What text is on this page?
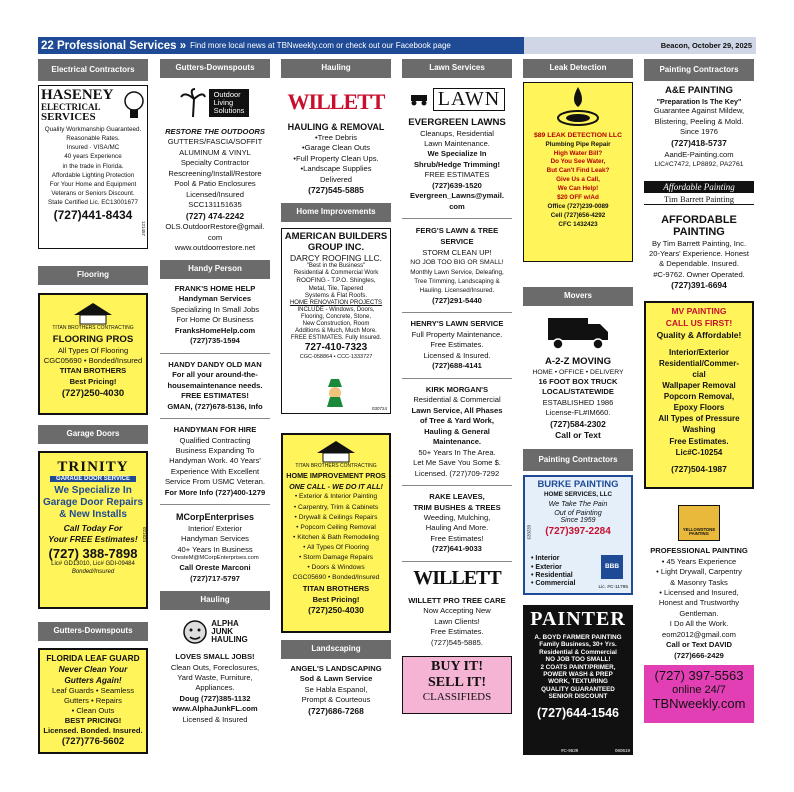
22 Professional Services » Find more local news at TBNweekly.com or check out our Facebook page	Beacon, October 29, 2025
Electrical Contractors
HASENEY
ELECTRICAL
SERVICES
Quality Workmanship Guaranteed.
Reasonable Rates.
Insured · VISA/MC
40 years Experience
in the trade in Florida.
Affordable Lighting Protection
For Your Home and Equipment
Veterans or Seniors Discount.
State Certified Lic. EC13001677
(727)441-8434
121457
Flooring
TITAN BROTHERS CONTRACTING
FLOORING PROS
All Types Of Flooring
CGC05690 • Bonded/Insured
TITAN BROTHERS
Best Pricing!
(727)250-4030
Garage Doors
TRINITY
GARAGE DOOR SERVICE
We Specialize In
Garage Door Repairs
& New Installs
Call Today For
Your FREE Estimates!
(727) 388-7898
Lic# GD13010, Lic# GDI-09484
Bonded/Insured
021624
Gutters-Downspouts
FLORIDA LEAF GUARD
Never Clean Your
Gutters Again!
Leaf Guards • Seamless
Gutters • Repairs
• Clean Outs
BEST PRICING!
Licensed. Bonded. Insured.
(727)776-5602
Gutters-Downspouts
Outdoor
Living
Solutions
RESTORE THE OUTDOORS
GUTTERS/FASCIA/SOFFIT
ALUMINUM & VINYL
Specialty Contractor
Rescreening/Install/Restore
Pool & Patio Enclosures
Licensed/Insured
SCC131151635
(727) 474-2242
OLS.OutdoorRestore@gmail.
com
www.outdoorrestore.net
Handy Person
FRANK'S HOME HELP
Handyman Services
Specializing In Small Jobs
For Home Or Business
FranksHomeHelp.com
(727)735-1594
HANDY DANDY OLD MAN
For all your around-the-
housemaintenance needs.
FREE ESTIMATES!
GMAN, (727)678-5136, Info
HANDYMAN FOR HIRE
Qualified Contracting
Business Expanding To
Handyman Work. 40 Years'
Experience With Excellent
Service From USMC Veteran.
For More Info (727)400-1279
MCorpEnterprises
Interior/ Exterior
Handyman Services
40+ Years In Business
OresteM@MCorpEnterprises.com
Call Oreste Marconi
(727)717-5797
Hauling
ALPHA
JUNK
HAULING
LOVES SMALL JOBS!
Clean Outs, Foreclosures,
Yard Waste, Furniture,
Appliances.
Doug (727)385-1132
www.AlphaJunkFL.com
Licensed & Insured
Hauling
WILLETT
HAULING & REMOVAL
•Tree Debris
•Garage Clean Outs
•Full Property Clean Ups.
•Landscape Supplies
Delivered
(727)545-5885
Home Improvements
AMERICAN BUILDERS
GROUP INC.
DARCY ROOFING LLC.
"Best in the Business"
Residential & Commercial Work
ROOFING - T.P.O. Shingles,
Metal, Tile, Tapered
Systems & Flat Roofs.
HOME RENOVATION PROJECTS
INCLUDE - Windows, Doors,
Flooring, Concrete, Stone,
New Construction, Room
Additions & Much, Much More.
FREE ESTIMATES. Fully Insured.
727-410-7323
CGC-058864 • CCC-1333727
030724
TITAN BROTHERS CONTRACTING
HOME IMPROVEMENT PROS
ONE CALL - WE DO IT ALL!
• Exterior & Interior Painting
• Carpentry, Trim & Cabinets
• Drywall & Ceilings Repairs
• Popcorn Ceiling Removal
• Kitchen & Bath Remodeling
• All Types Of Flooring
• Storm Damage Repairs
• Doors & Windows
CGC05690 • Bonded/Insured
TITAN BROTHERS
Best Pricing!
(727)250-4030
Landscaping
ANGEL'S LANDSCAPING
Sod & Lawn Service
Se Habla Espanol,
Prompt & Courteous
(727)686-7268
Lawn Services
LAWN
EVERGREEN LAWNS
Cleanups, Residential
Lawn Maintenance.
We Specialize In
Shrub/Hedge Trimming!
FREE ESTIMATES
(727)639-1520
Evergreen_Lawns@ymail.
com
FERG'S LAWN & TREE
SERVICE
STORM CLEAN UP!
NO JOB TOO BIG OR SMALL!
Monthly Lawn Service, Deleafing,
Tree Trimming, Landscaping &
Hauling. Licensed/Insured.
(727)291-5440
HENRY'S LAWN SERVICE
Full Property Maintenance.
Free Estimates.
Licensed & Insured.
(727)688-4141
KIRK MORGAN'S
Residential & Commercial
Lawn Service, All Phases
of Tree & Yard Work,
Hauling & General
Maintenance.
50+ Years In The Area.
Let Me Save You Some $.
Licensed. (727)709-7292
RAKE LEAVES,
TRIM BUSHES & TREES
Weeding, Mulching,
Hauling And More.
Free Estimates!
(727)641-9033
WILLETT
WILLETT PRO TREE CARE
Now Accepting New
Lawn Clients!
Free Estimates.
(727)545-5885.
BUY IT!
SELL IT!
CLASSIFIEDS
Leak Detection
$89 LEAK DETECTION LLC
Plumbing Pipe Repair
High Water Bill?
Do You See Water,
But Can't Find Leak?
Give Us a Call,
We Can Help!
$20 OFF w/Ad
Office (727)239-0089
Cell (727)656-4292
CFC 1432423
Movers
A-2-Z MOVING
HOME • OFFICE • DELIVERY
16 FOOT BOX TRUCK
LOCAL/STATEWIDE
ESTABLISHED 1986
License-FL#IM660.
(727)584-2302
Call or Text
Painting Contractors
BURKE PAINTING
HOME SERVICES, LLC
We Take The Pain
Out of Painting
Since 1959
(727)397-2284
• Interior
• Exterior
• Residential
• Commercial
BBB
Lic. #C-11795
022023
PAINTER
A. BOYD FARMER PAINTING
Family Business, 30+ Yrs.
Residential & Commercial
NO JOB TOO SMALL!
2 COATS PAINT/PRIMER,
POWER WASH & PREP
WORK, TEXTURING
QUALITY GUARANTEED
SENIOR DISCOUNT
(727)644-1546
#C-9539	060619
Painting Contractors
A&E PAINTING
"Preparation Is The Key"
Guarantee Against Mildew,
Blistering, Peeling & Mold.
Since 1976
(727)418-5737
AandE-Painting.com
LIC#C7472, LP8892, PA2761
Affordable Painting
Tim Barrett Painting
AFFORDABLE
PAINTING
By Tim Barrett Painting, Inc.
20-Years' Experience. Honest
& Dependable. Insured.
#C-9762. Owner Operated.
(727)391-6694
MV PAINTING
CALL US FIRST!
Quality & Affordable!
Interior/Exterior
Residential/Commer-
cial
Wallpaper Removal
Popcorn Removal,
Epoxy Floors
All Types of Pressure
Washing
Free Estimates.
Lic#C-10254
(727)504-1987
YELLOWSTONE PAINTING
PROFESSIONAL PAINTING
• 45 Years Experience
• Light Drywall, Carpentry
& Masonry Tasks
• Licensed and Insured,
Honest and Trustworthy
Gentleman.
I Do All the Work.
eom2012@gmail.com
Call or Text DAVID
(727)666-2429
(727) 397-5563
online 24/7
TBNweekly.com
